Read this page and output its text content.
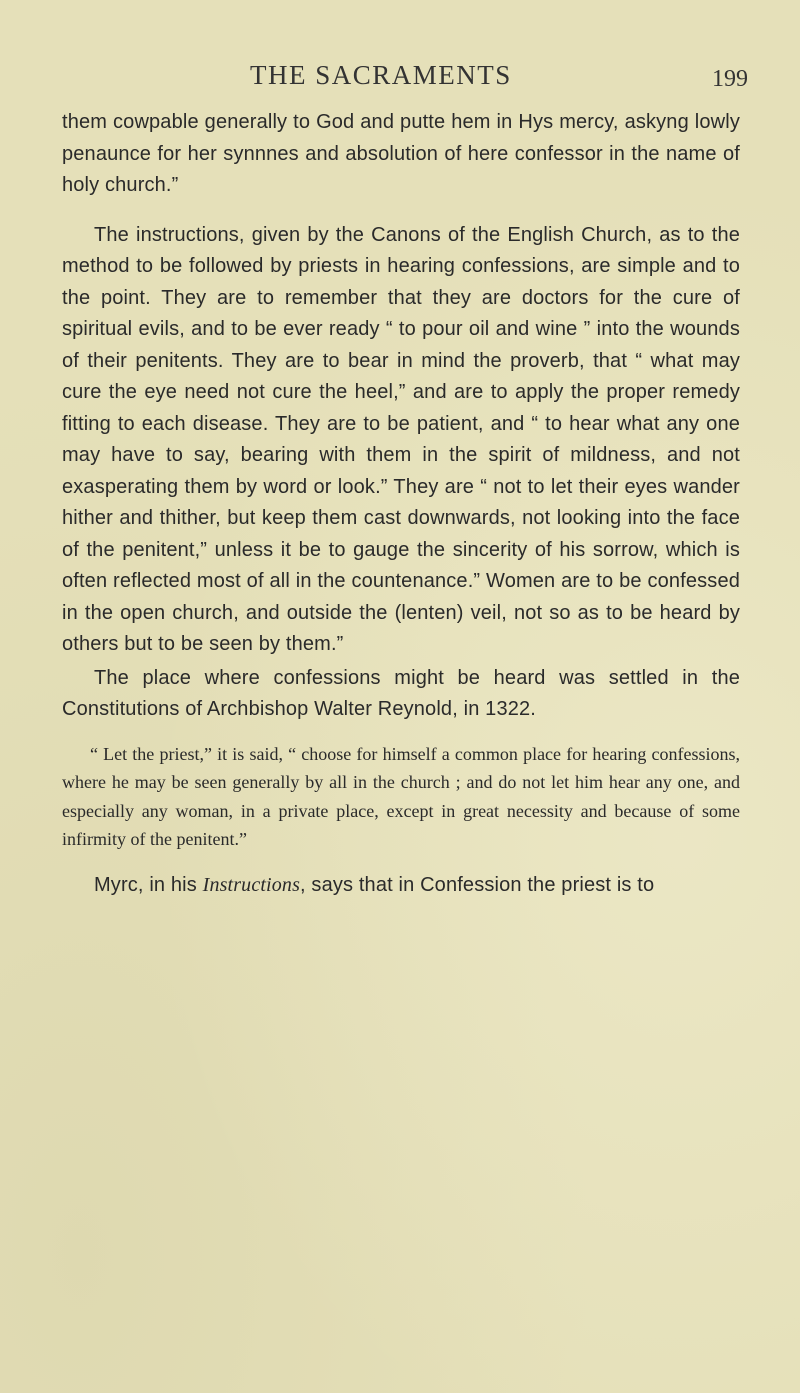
THE SACRAMENTS	199

them cowpable generally to God and putte hem in Hys mercy, askyng lowly penaunce for her synnnes and absolution of here confessor in the name of holy church.”

The instructions, given by the Canons of the English Church, as to the method to be followed by priests in hearing confessions, are simple and to the point. They are to remember that they are doctors for the cure of spiritual evils, and to be ever ready “ to pour oil and wine ” into the wounds of their penitents. They are to bear in mind the proverb, that “ what may cure the eye need not cure the heel,” and are to apply the proper remedy fitting to each disease. They are to be patient, and “ to hear what any one may have to say, bearing with them in the spirit of mildness, and not exasperating them by word or look.” They are “ not to let their eyes wander hither and thither, but keep them cast downwards, not looking into the face of the penitent,” unless it be to gauge the sincerity of his sorrow, which is often reflected most of all in the countenance.” Women are to be confessed in the open church, and outside the (lenten) veil, not so as to be heard by others but to be seen by them.”

The place where confessions might be heard was settled in the Constitutions of Archbishop Walter Reynold, in 1322.

“ Let the priest,” it is said, “ choose for himself a common place for hearing confessions, where he may be seen generally by all in the church ; and do not let him hear any one, and especially any woman, in a private place, except in great necessity and because of some infirmity of the penitent.”

Myrc, in his Instructions, says that in Confession the priest is to
